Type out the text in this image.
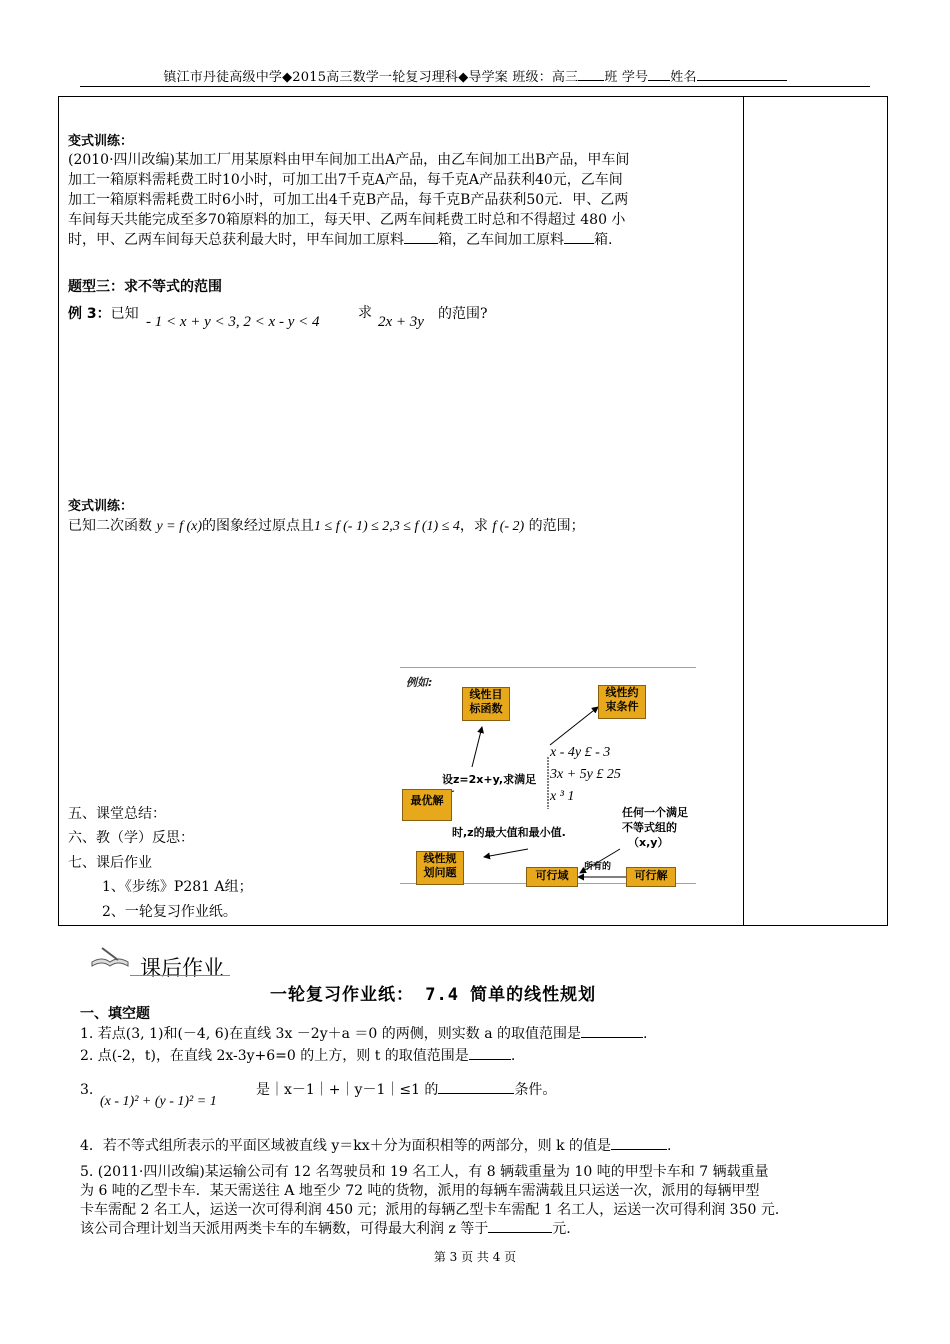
镇江市丹徒高级中学◆2015高三数学一轮复习理科◆导学案 班级：高三 班 学号 姓名
变式训练：
(2010·四川改编)某加工厂用某原料由甲车间加工出A产品，由乙车间加工出B产品，甲车间
加工一箱原料需耗费工时10小时，可加工出7千克A产品，每千克A产品获利40元，乙车间
加工一箱原料需耗费工时6小时，可加工出4千克B产品，每千克B产品获利50元．甲、乙两
车间每天共能完成至多70箱原料的加工，每天甲、乙两车间耗费工时总和不得超过 480 小
时，甲、乙两车间每天总获利最大时，甲车间加工原料 箱，乙车间加工原料 箱.
题型三：求不等式的范围
例 3：已知 - 1 < x + y < 3, 2 < x - y < 4
求
2x + 3y 的范围?
变式训练：
已知二次函数 y = f (x)的图象经过原点且1 ≤ f (- 1) ≤ 2,3 ≤ f (1) ≤ 4，求 f (- 2) 的范围；
例如:
线性目
标函数
线性约
束条件
设z=2x+y,求满足
x - 4y £ - 3
3x + 5y £ 25
x ³ 1
最优解
时,z的最大值和最小值.
任何一个满足
不等式组的
（x,y）
线性规
划问题	可行域
所有的
可行解
五、课堂总结：
六、教（学）反思：
七、课后作业
1、《步练》P281 A组；
2、一轮复习作业纸。
课后作业
一轮复习作业纸： 7.4 简单的线性规划
一、填空题
1. 若点(3, 1)和(－4, 6)在直线 3x －2y＋a ＝0 的两侧，则实数 a 的取值范围是	.
2. 点(-2，t)，在直线 2x-3y+6=0 的上方，则 t 的取值范围是	.
3.
(x - 1)² + (y - 1)² = 1
是｜x－1｜+｜y－1｜≤1 的	条件。
4．若不等式组所表示的平面区域被直线 y＝kx＋分为面积相等的两部分，则 k 的值是	.
5. (2011·四川改编)某运输公司有 12 名驾驶员和 19 名工人，有 8 辆载重量为 10 吨的甲型卡车和 7 辆载重量
为 6 吨的乙型卡车．某天需送往 A 地至少 72 吨的货物，派用的每辆车需满载且只运送一次，派用的每辆甲型
卡车需配 2 名工人，运送一次可得利润 450 元；派用的每辆乙型卡车需配 1 名工人，运送一次可得利润 350 元．
该公司合理计划当天派用两类卡车的车辆数，可得最大利润 z 等于	元.
第 3 页 共 4 页
